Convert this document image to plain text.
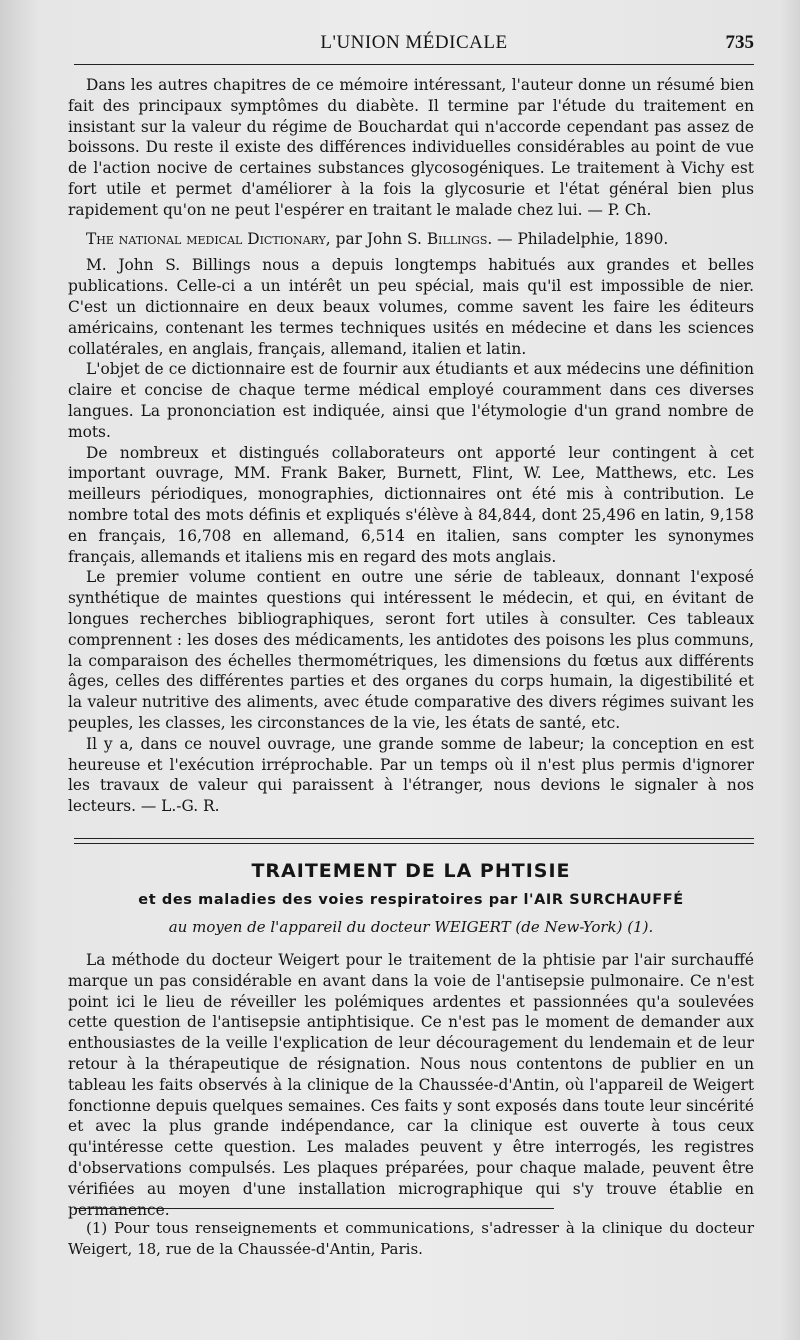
L'UNION MÉDICALE	735

Dans les autres chapitres de ce mémoire intéressant, l'auteur donne un résumé bien fait des principaux symptômes du diabète. Il termine par l'étude du traitement en insistant sur la valeur du régime de Bouchardat qui n'accorde cependant pas assez de boissons. Du reste il existe des différences individuelles considérables au point de vue de l'action nocive de certaines substances glycosogéniques. Le traitement à Vichy est fort utile et permet d'améliorer à la fois la glycosurie et l'état général bien plus rapidement qu'on ne peut l'espérer en traitant le malade chez lui. — P. Ch.

The national medical Dictionary, par John S. Billings. — Philadelphie, 1890.

M. John S. Billings nous a depuis longtemps habitués aux grandes et belles publications. Celle-ci a un intérêt un peu spécial, mais qu'il est impossible de nier. C'est un dictionnaire en deux beaux volumes, comme savent les faire les éditeurs américains, contenant les termes techniques usités en médecine et dans les sciences collatérales, en anglais, français, allemand, italien et latin.

L'objet de ce dictionnaire est de fournir aux étudiants et aux médecins une définition claire et concise de chaque terme médical employé couramment dans ces diverses langues. La prononciation est indiquée, ainsi que l'étymologie d'un grand nombre de mots.

De nombreux et distingués collaborateurs ont apporté leur contingent à cet important ouvrage, MM. Frank Baker, Burnett, Flint, W. Lee, Matthews, etc. Les meilleurs périodiques, monographies, dictionnaires ont été mis à contribution. Le nombre total des mots définis et expliqués s'élève à 84,844, dont 25,496 en latin, 9,158 en français, 16,708 en allemand, 6,514 en italien, sans compter les synonymes français, allemands et italiens mis en regard des mots anglais.

Le premier volume contient en outre une série de tableaux, donnant l'exposé synthétique de maintes questions qui intéressent le médecin, et qui, en évitant de longues recherches bibliographiques, seront fort utiles à consulter. Ces tableaux comprennent : les doses des médicaments, les antidotes des poisons les plus communs, la comparaison des échelles thermométriques, les dimensions du fœtus aux différents âges, celles des différentes parties et des organes du corps humain, la digestibilité et la valeur nutritive des aliments, avec étude comparative des divers régimes suivant les peuples, les classes, les circonstances de la vie, les états de santé, etc.

Il y a, dans ce nouvel ouvrage, une grande somme de labeur; la conception en est heureuse et l'exécution irréprochable. Par un temps où il n'est plus permis d'ignorer les travaux de valeur qui paraissent à l'étranger, nous devions le signaler à nos lecteurs. — L.-G. R.

TRAITEMENT DE LA PHTISIE
et des maladies des voies respiratoires par l'AIR SURCHAUFFÉ
au moyen de l'appareil du docteur WEIGERT (de New-York) (1).

La méthode du docteur Weigert pour le traitement de la phtisie par l'air surchauffé marque un pas considérable en avant dans la voie de l'antisepsie pulmonaire. Ce n'est point ici le lieu de réveiller les polémiques ardentes et passionnées qu'a soulevées cette question de l'antisepsie antiphtisique. Ce n'est pas le moment de demander aux enthousiastes de la veille l'explication de leur découragement du lendemain et de leur retour à la thérapeutique de résignation. Nous nous contentons de publier en un tableau les faits observés à la clinique de la Chaussée-d'Antin, où l'appareil de Weigert fonctionne depuis quelques semaines. Ces faits y sont exposés dans toute leur sincérité et avec la plus grande indépendance, car la clinique est ouverte à tous ceux qu'intéresse cette question. Les malades peuvent y être interrogés, les registres d'observations compulsés. Les plaques préparées, pour chaque malade, peuvent être vérifiées au moyen d'une installation micrographique qui s'y trouve établie en permanence.

(1) Pour tous renseignements et communications, s'adresser à la clinique du docteur Weigert, 18, rue de la Chaussée-d'Antin, Paris.
